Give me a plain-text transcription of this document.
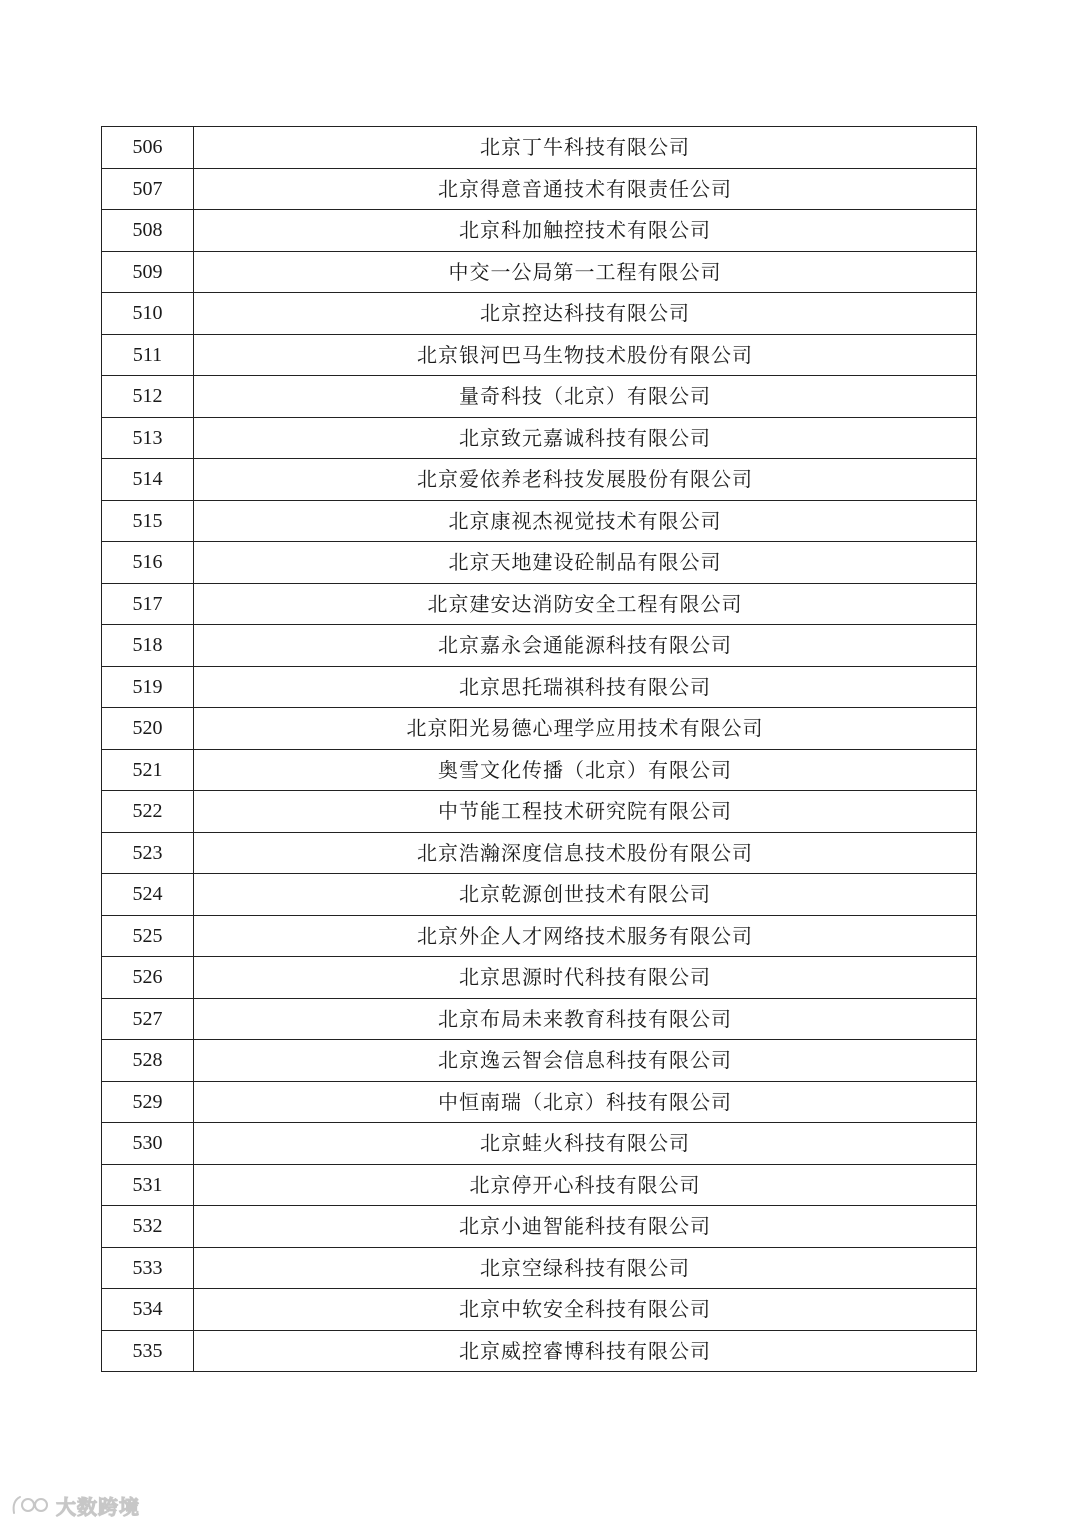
506	北京丁牛科技有限公司
507	北京得意音通技术有限责任公司
508	北京科加触控技术有限公司
509	中交一公局第一工程有限公司
510	北京控达科技有限公司
511	北京银河巴马生物技术股份有限公司
512	量奇科技（北京）有限公司
513	北京致元嘉诚科技有限公司
514	北京爱依养老科技发展股份有限公司
515	北京康视杰视觉技术有限公司
516	北京天地建设砼制品有限公司
517	北京建安达消防安全工程有限公司
518	北京嘉永会通能源科技有限公司
519	北京思托瑞祺科技有限公司
520	北京阳光易德心理学应用技术有限公司
521	奥雪文化传播（北京）有限公司
522	中节能工程技术研究院有限公司
523	北京浩瀚深度信息技术股份有限公司
524	北京乾源创世技术有限公司
525	北京外企人才网络技术服务有限公司
526	北京思源时代科技有限公司
527	北京布局未来教育科技有限公司
528	北京逸云智会信息科技有限公司
529	中恒南瑞（北京）科技有限公司
530	北京蛙火科技有限公司
531	北京停开心科技有限公司
532	北京小迪智能科技有限公司
533	北京空绿科技有限公司
534	北京中软安全科技有限公司
535	北京威控睿博科技有限公司
大数跨境
